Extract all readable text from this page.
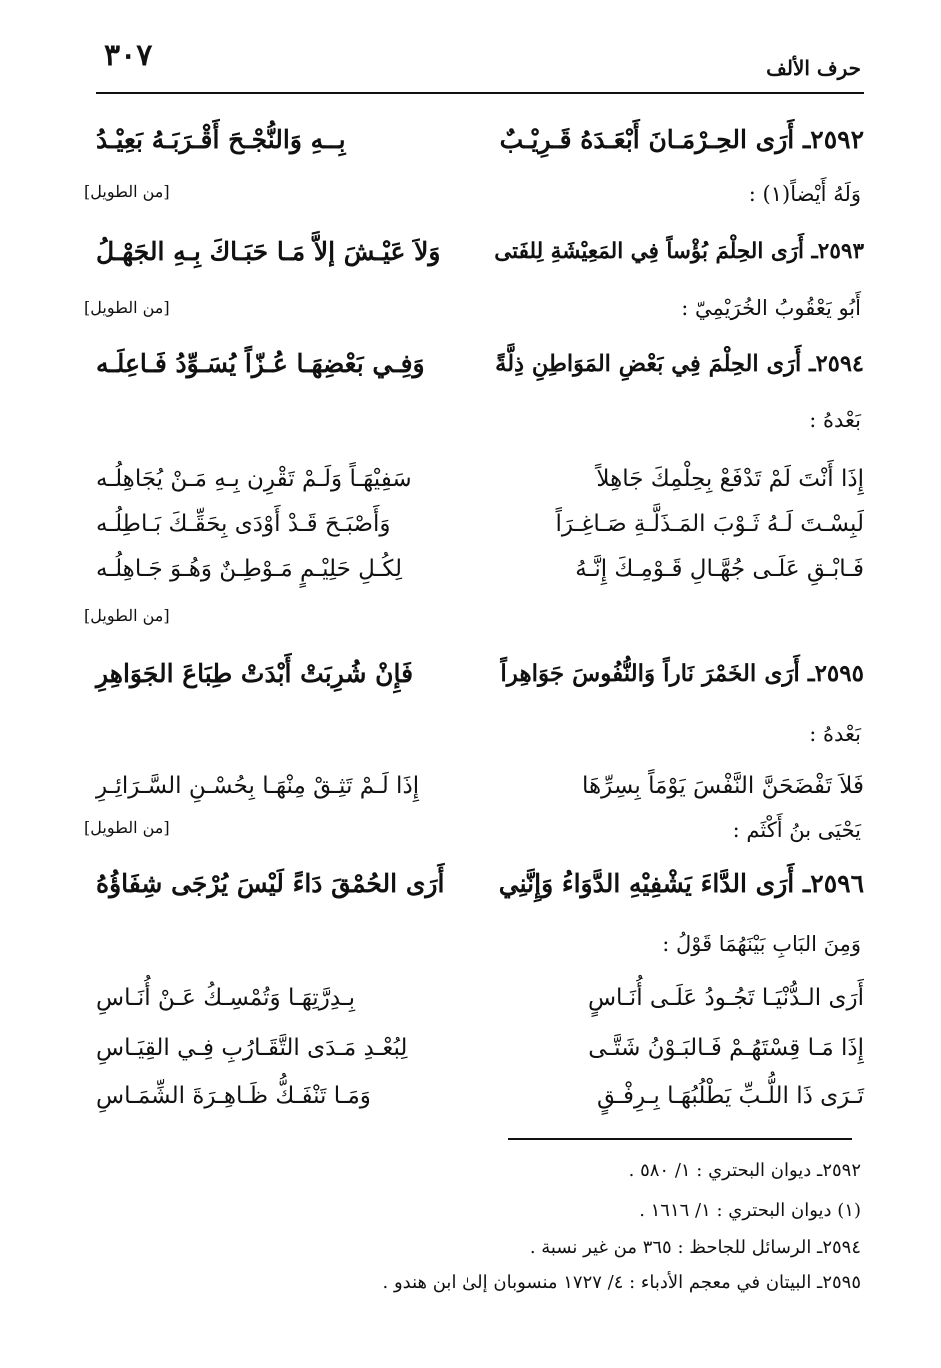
٣٠٧	حرف الألف
٢٥٩٢ـ أَرَى الحِـرْمَـانَ أَبْعَـدَهُ قَـرِيْـبٌ
بِــهِ وَالنُّجْـحَ أَقْـرَبَـهُ بَعِيْـدُ
وَلَهُ أَيْضاً(١) :
[من الطويل]
٢٥٩٣ـ أَرَى الحِلْمَ بُؤْساً فِي المَعِيْشَةِ لِلفَتى
وَلاَ عَيْـشَ إلاَّ مَـا حَبَـاكَ بِـهِ الجَهْـلُ
أَبُو يَعْقُوبُ الخُرَيْمِيّ :
[من الطويل]
٢٥٩٤ـ أَرَى الحِلْمَ فِي بَعْضِ المَوَاطِنِ ذِلَّةً
وَفِـي بَعْضِهَـا عُـزّاً يُسَـوِّدُ فَـاعِلَـه
بَعْدهُ :
إِذَا أَنْتَ لَمْ تَدْفَعْ بِحِلْمِكَ جَاهِلاً
سَفِيْهَـاً وَلَـمْ تَقْرِن بِـهِ مَـنْ يُجَاهِلُـه
لَبِسْـتَ لَـهُ ثَـوْبَ المَـذَلَّـةِ صَـاغِـرَاً
وَأَصْبَـحَ قَـدْ أَوْدَى بِحَقِّـكَ بَـاطِلُـه
فَـابْـقِ عَلَـى جُهَّـالِ قَـوْمِـكَ إِنَّـهُ
لِكُـلِ حَلِيْـمٍ مَـوْطِـنٌ وَهُـوَ جَـاهِلُـه
[من الطويل]
٢٥٩٥ـ أَرَى الخَمْرَ نَاراً وَالنُّفُوسَ جَوَاهِراً
فَإِنْ شُرِبَتْ أَبْدَتْ طِبَاعَ الجَوَاهِرِ
بَعْدهُ :
فَلاَ تَفْضَحَنَّ النَّفْسَ يَوْمَاً بِسِرِّهَا
إِذَا لَـمْ تَثِـقْ مِنْهَـا بِحُسْـنِ السَّـرَائِـرِ
يَحْيَى بنُ أَكْثَم :
[من الطويل]
٢٥٩٦ـ أَرَى الدَّاءَ يَشْفِيْهِ الدَّوَاءُ وَإِنَّنِي
أَرَى الحُمْقَ دَاءً لَيْسَ يُرْجَى شِفَاؤُهُ
وَمِنَ البَابِ بَيْنَهُمَا قَوْلُ :
أَرَى الـدُّنْيَـا تَجُـودُ عَلَـى أُنَـاسٍ
بِـدِرَّتِهَـا وَتُمْسِـكُ عَـنْ أُنَـاسِ
إِذَا مَـا قِسْتَهُـمْ فَـالبَـوْنُ شَتَّـى
لِبُعْـدِ مَـدَى التَّقَـارُبِ فِـي القِيَـاسِ
تَـرَى ذَا اللُّـبِّ يَطْلُبُهَـا بِـرِفْـقٍ
وَمَـا تَنْفَـكُّ ظَـاهِـرَةَ الشِّمَـاسِ
٢٥٩٢ـ ديوان البحتري : ١/ ٥٨٠ .
(١) ديوان البحتري : ١/ ١٦١٦ .
٢٥٩٤ـ الرسائل للجاحظ : ٣٦٥ من غير نسبة .
٢٥٩٥ـ البيتان في معجم الأدباء : ٤/ ١٧٢٧ منسوبان إلىٰ ابن هندو .
